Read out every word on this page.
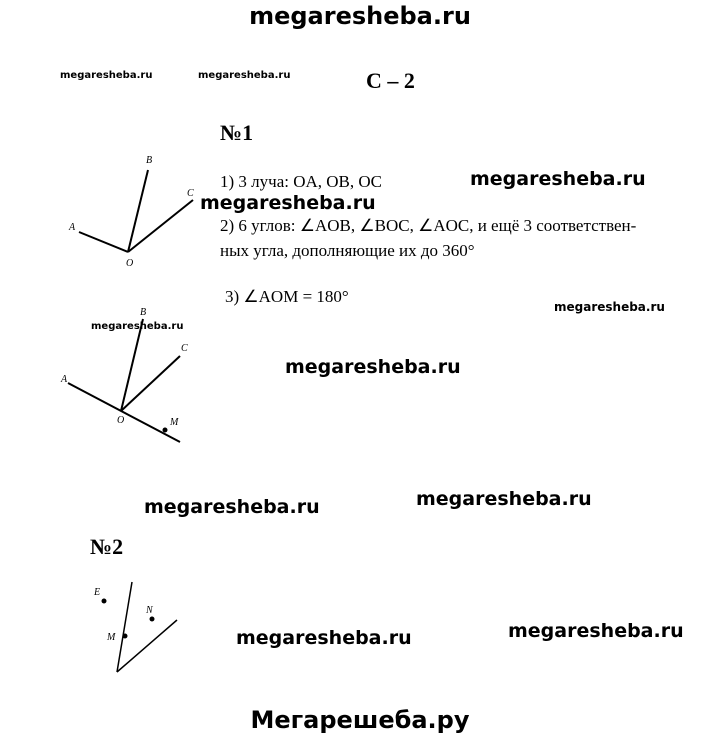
megaresheba.ru
megaresheba.ru	megaresheba.ru	С – 2
№1
1) 3 луча: OA, OB, OC	megaresheba.ru
megaresheba.ru
2) 6 углов: ∠AOB, ∠BOC, ∠AOC, и ещё 3 соответствен-
ных угла, дополняющие их до 360°
3) ∠AOM = 180°
megaresheba.ru
A
B
C
O
A
B
C
O	M
megaresheba.ru
megaresheba.ru
megaresheba.ru	megaresheba.ru
№2
E
N
M	megaresheba.ru	megaresheba.ru
Мегарешеба.ру
